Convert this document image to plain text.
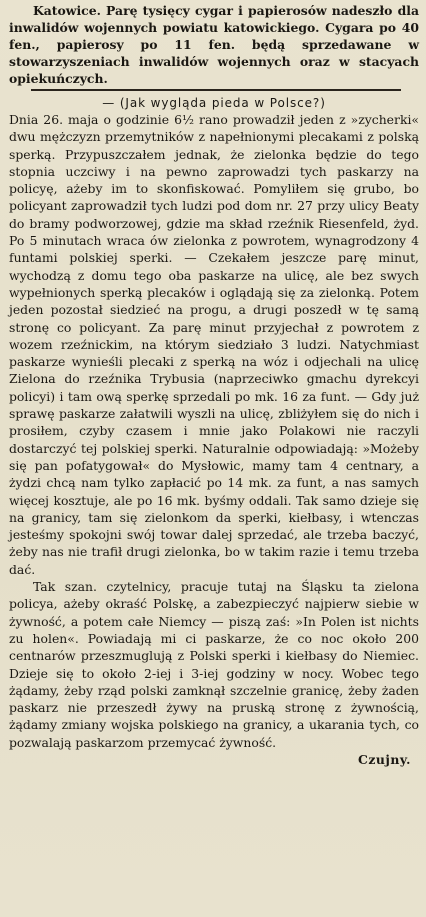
Katowice. Parę tysięcy cygar i papierosów nadeszło dla inwalidów wojennych powiatu katowickiego. Cygara po 40 fen., papierosy po 11 fen. będą sprzedawane w stowarzyszeniach inwalidów wojennych oraz w stacyach opiekuńczych.

— (Jak wygląda pieda w Polsce?)

Dnia 26. maja o godzinie 6½ rano prowadził jeden z »zycherki« dwu mężczyzn przemytników z napełnionymi plecakami z polską sperką. Przypuszczałem jednak, że zielonka będzie do tego stopnia uczciwy i na pewno zaprowadzi tych paskarzy na policyę, ażeby im to skonfiskować. Pomyliłem się grubo, bo policyant zaprowadził tych ludzi pod dom nr. 27 przy ulicy Beaty do bramy podworzowej, gdzie ma skład rzeźnik Riesenfeld, żyd. Po 5 minutach wraca ów zielonka z powrotem, wynagrodzony 4 funtami polskiej sperki. — Czekałem jeszcze parę minut, wychodzą z domu tego oba paskarze na ulicę, ale bez swych wypełnionych sperką plecaków i oglądają się za zielonką. Potem jeden pozostał siedzieć na progu, a drugi poszedł w tę samą stronę co policyant. Za parę minut przyjechał z powrotem z wozem rzeźnickim, na którym siedziało 3 ludzi. Natychmiast paskarze wynieśli plecaki z sperką na wóz i odjechali na ulicę Zielona do rzeźnika Trybusia (naprzeciwko gmachu dyrekcyi policyi) i tam ową sperkę sprzedali po mk. 16 za funt. — Gdy już sprawę paskarze załatwili wyszli na ulicę, zbliżyłem się do nich i prosiłem, czyby czasem i mnie jako Polakowi nie raczyli dostarczyć tej polskiej sperki. Naturalnie odpowiadają: »Możeby się pan pofatygował« do Mysłowic, mamy tam 4 centnary, a żydzi chcą nam tylko zapłacić po 14 mk. za funt, a nas samych więcej kosztuje, ale po 16 mk. byśmy oddali. Tak samo dzieje się na granicy, tam się zielonkom da sperki, kiełbasy, i wtenczas jesteśmy spokojni swój towar dalej sprzedać, ale trzeba baczyć, żeby nas nie trafił drugi zielonka, bo w takim razie i temu trzeba dać.

Tak szan. czytelnicy, pracuje tutaj na Śląsku ta zielona policya, ażeby okraść Polskę, a zabezpieczyć najpierw siebie w żywność, a potem całe Niemcy — piszą zaś: »In Polen ist nichts zu holen«. Powiadają mi ci paskarze, że co noc około 200 centnarów przeszmuglują z Polski sperki i kiełbasy do Niemiec. Dzieje się to około 2-iej i 3-iej godziny w nocy. Wobec tego żądamy, żeby rząd polski zamknął szczelnie granicę, żeby żaden paskarz nie przeszedł żywy na pruską stronę z żywnością, żądamy zmiany wojska polskiego na granicy, a ukarania tych, co pozwalają paskarzom przemycać żywność.

Czujny.
